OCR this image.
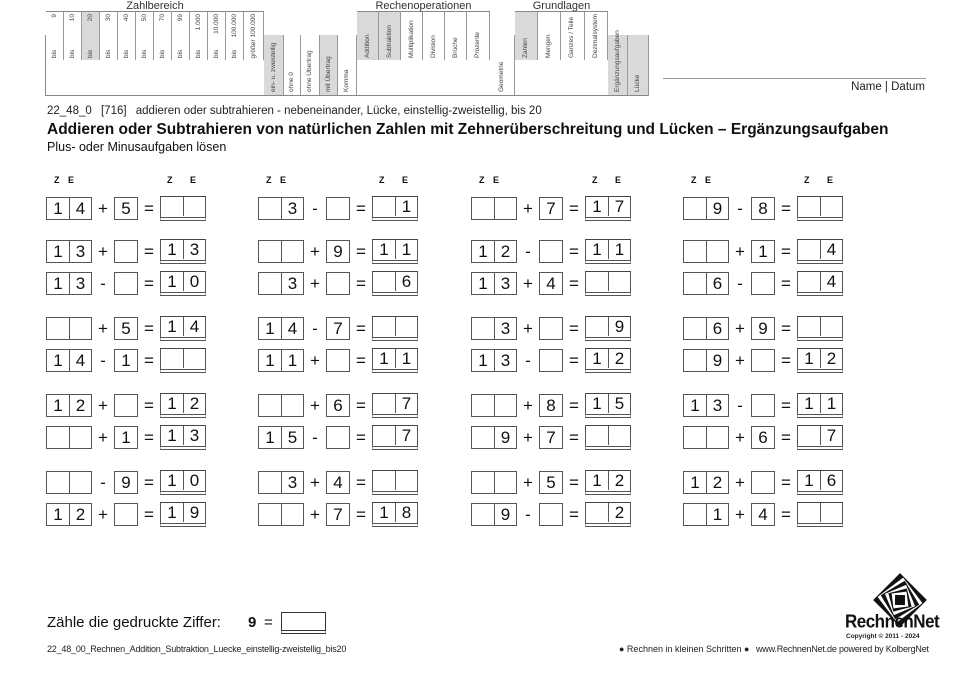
Zahlbereich
9
bis
10
bis
20
bis
30
bis
40
bis
50
bis
70
bis
99
bis
1.000
bis
10.000
bis
100.000
bis größer 100.000
ein- u. zweistellig ohne 0 ohne Übertrag mit Übertrag Komma
Rechenoperationen
Addition Subtraktion Multiplikation Division Brüche Prozente
Geometrie
Grundlagen
Zahlen Mengen Ganzes / Teile Dezimalsystem Ergänzungsaufgaben Lücke	Name | Datum
22_48_0 [716] addieren oder subtrahieren - nebeneinander, Lücke, einstellig-zweistellig, bis 20
Addieren oder Subtrahieren von natürlichen Zahlen mit Zehnerüberschreitung und Lücken – Ergänzungsaufgaben
Plus- oder Minusaufgaben lösen
Z E	Z E
1 4 + 5 =
1 3 +	= 1 3
1 3 -	= 1 0
+ 5 = 1 4
1 4 - 1 =
1 2 +	= 1 2
+ 1 = 1 3
- 9 = 1 0
1 2 +	= 1 9
Z E	Z E
3 -	=	1
+ 9 = 1 1
3 +	=	6
1 4 - 7 =
1 1 +	= 1 1
+ 6 =	7
1 5 -	=	7
3 + 4 =
+ 7 = 1 8
Z E	Z E
+ 7 = 1 7
1 2 -	= 1 1
1 3 + 4 =
3 +	=	9
1 3 -	= 1 2
+ 8 = 1 5
9 + 7 =
+ 5 = 1 2
9 -	=	2
Z E	Z E
9 - 8 =
+ 1 =	4
6 -	=	4
6 + 9 =
9 +	= 1 2
1 3 -	= 1 1
+ 6 =	7
1 2 +	= 1 6
1 + 4 =
Zähle die gedruckte Ziffer: 9 =
22_48_00_Rechnen_Addition_Subtraktion_Luecke_einstellig-zweistellig_bis20	● Rechnen in kleinen Schritten ● www.RechnenNet.de powered by KolbergNet
RechnenNet
Copyright © 2011 - 2024
